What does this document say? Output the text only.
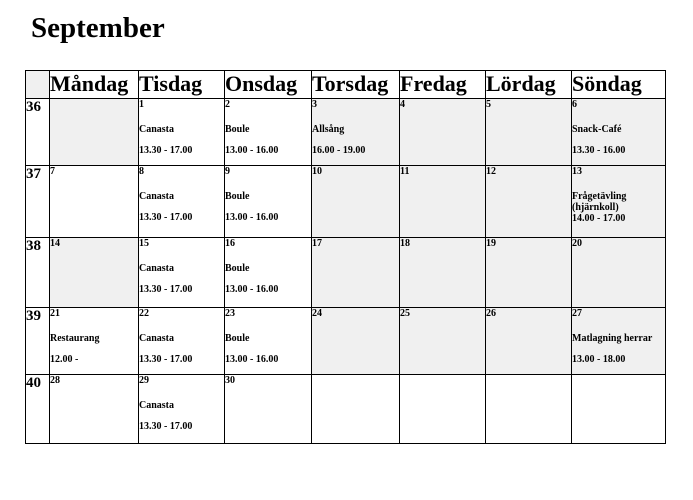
September
	Måndag	Tisdag	Onsdag	Torsdag	Fredag	Lördag	Söndag
36		1
Canasta
13.30 - 17.00	2
Boule
13.00 - 16.00	3
Allsång
16.00 - 19.00	4	5	6
Snack-Café
13.30 - 16.00

37	7	8
Canasta
13.30 - 17.00	9
Boule
13.00 - 16.00	10	11	12	13
Frågetävling (hjärnkoll)
14.00 - 17.00

38	14	15
Canasta
13.30 - 17.00	16
Boule
13.00 - 16.00	17	18	19	20

39	21
Restaurang
12.00 -	22
Canasta
13.30 - 17.00	23
Boule
13.00 - 16.00	24	25	26	27
Matlagning herrar
13.00 - 18.00

40	28	29
Canasta
13.30 - 17.00	30				
